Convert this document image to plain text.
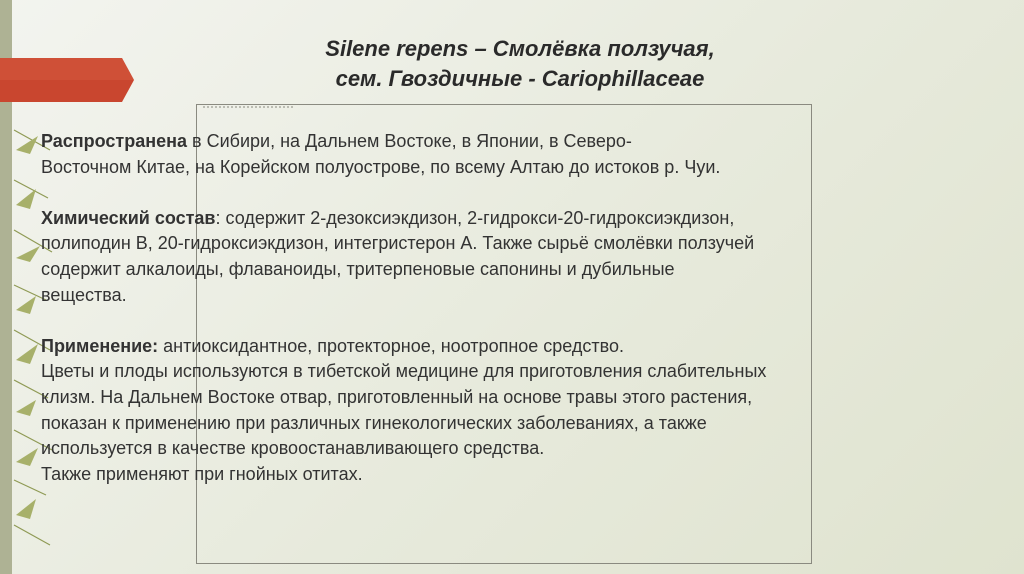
Silene repens – Смолёвка ползучая,
сем. Гвоздичные - Cariophillaceae

Распространена в Сибири, на Дальнем Востоке, в Японии, в Северо-

Восточном Китае, на Корейском полуострове, по всему Алтаю до истоков р. Чуи.

Химический состав: содержит 2-дезоксиэкдизон, 2-гидрокси-20-гидроксиэкдизон,

полиподин В, 20-гидроксиэкдизон, интегристерон А. Также сырьё смолёвки ползучей

содержит алкалоиды, флаваноиды, тритерпеновые сапонины и дубильные

вещества.

Применение: антиоксидантное, протекторное, ноотропное средство.

Цветы и плоды используются в тибетской медицине для приготовления слабительных

клизм. На Дальнем Востоке отвар, приготовленный на основе травы этого растения,

показан к применению при различных гинекологических заболеваниях, а также

используется в качестве кровоостанавливающего средства.

Также применяют при гнойных отитах.
